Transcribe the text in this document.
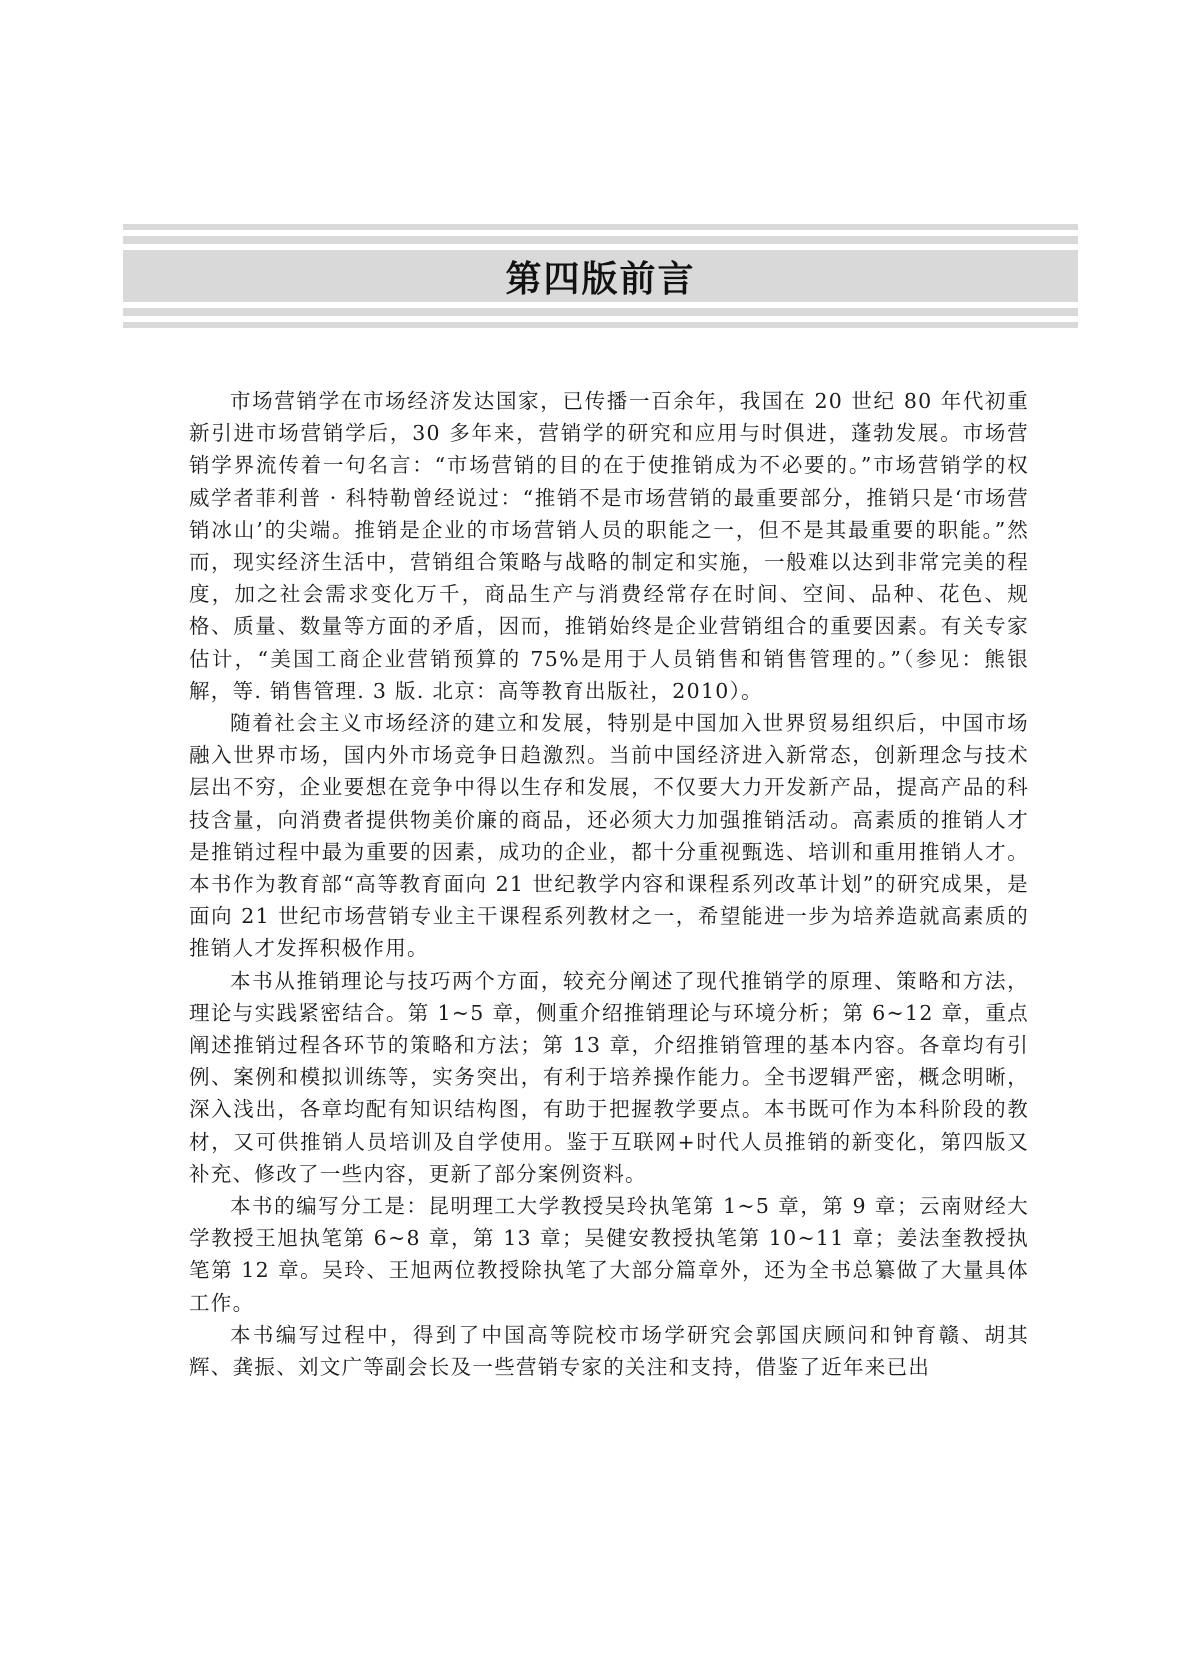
第四版前言

市场营销学在市场经济发达国家，已传播一百余年，我国在 20 世纪 80 年代初重新引进市场营销学后，30 多年来，营销学的研究和应用与时俱进，蓬勃发展。市场营销学界流传着一句名言：“市场营销的目的在于使推销成为不必要的。”市场营销学的权威学者菲利普 · 科特勒曾经说过：“推销不是市场营销的最重要部分，推销只是‘市场营销冰山’的尖端。推销是企业的市场营销人员的职能之一，但不是其最重要的职能。”然而，现实经济生活中，营销组合策略与战略的制定和实施，一般难以达到非常完美的程度，加之社会需求变化万千，商品生产与消费经常存在时间、空间、品种、花色、规格、质量、数量等方面的矛盾，因而，推销始终是企业营销组合的重要因素。有关专家估计，“美国工商企业营销预算的 75%是用于人员销售和销售管理的。”（参见：熊银解，等. 销售管理. 3 版. 北京：高等教育出版社，2010）。

随着社会主义市场经济的建立和发展，特别是中国加入世界贸易组织后，中国市场融入世界市场，国内外市场竞争日趋激烈。当前中国经济进入新常态，创新理念与技术层出不穷，企业要想在竞争中得以生存和发展，不仅要大力开发新产品，提高产品的科技含量，向消费者提供物美价廉的商品，还必须大力加强推销活动。高素质的推销人才是推销过程中最为重要的因素，成功的企业，都十分重视甄选、培训和重用推销人才。本书作为教育部“高等教育面向 21 世纪教学内容和课程系列改革计划”的研究成果，是面向 21 世纪市场营销专业主干课程系列教材之一，希望能进一步为培养造就高素质的推销人才发挥积极作用。

本书从推销理论与技巧两个方面，较充分阐述了现代推销学的原理、策略和方法，理论与实践紧密结合。第 1~5 章，侧重介绍推销理论与环境分析；第 6~12 章，重点阐述推销过程各环节的策略和方法；第 13 章，介绍推销管理的基本内容。各章均有引例、案例和模拟训练等，实务突出，有利于培养操作能力。全书逻辑严密，概念明晰，深入浅出，各章均配有知识结构图，有助于把握教学要点。本书既可作为本科阶段的教材，又可供推销人员培训及自学使用。鉴于互联网+时代人员推销的新变化，第四版又补充、修改了一些内容，更新了部分案例资料。

本书的编写分工是：昆明理工大学教授吴玲执笔第 1~5 章，第 9 章；云南财经大学教授王旭执笔第 6~8 章，第 13 章；吴健安教授执笔第 10~11 章；姜法奎教授执笔第 12 章。吴玲、王旭两位教授除执笔了大部分篇章外，还为全书总纂做了大量具体工作。

本书编写过程中，得到了中国高等院校市场学研究会郭国庆顾问和钟育赣、胡其辉、龚振、刘文广等副会长及一些营销专家的关注和支持，借鉴了近年来已出
